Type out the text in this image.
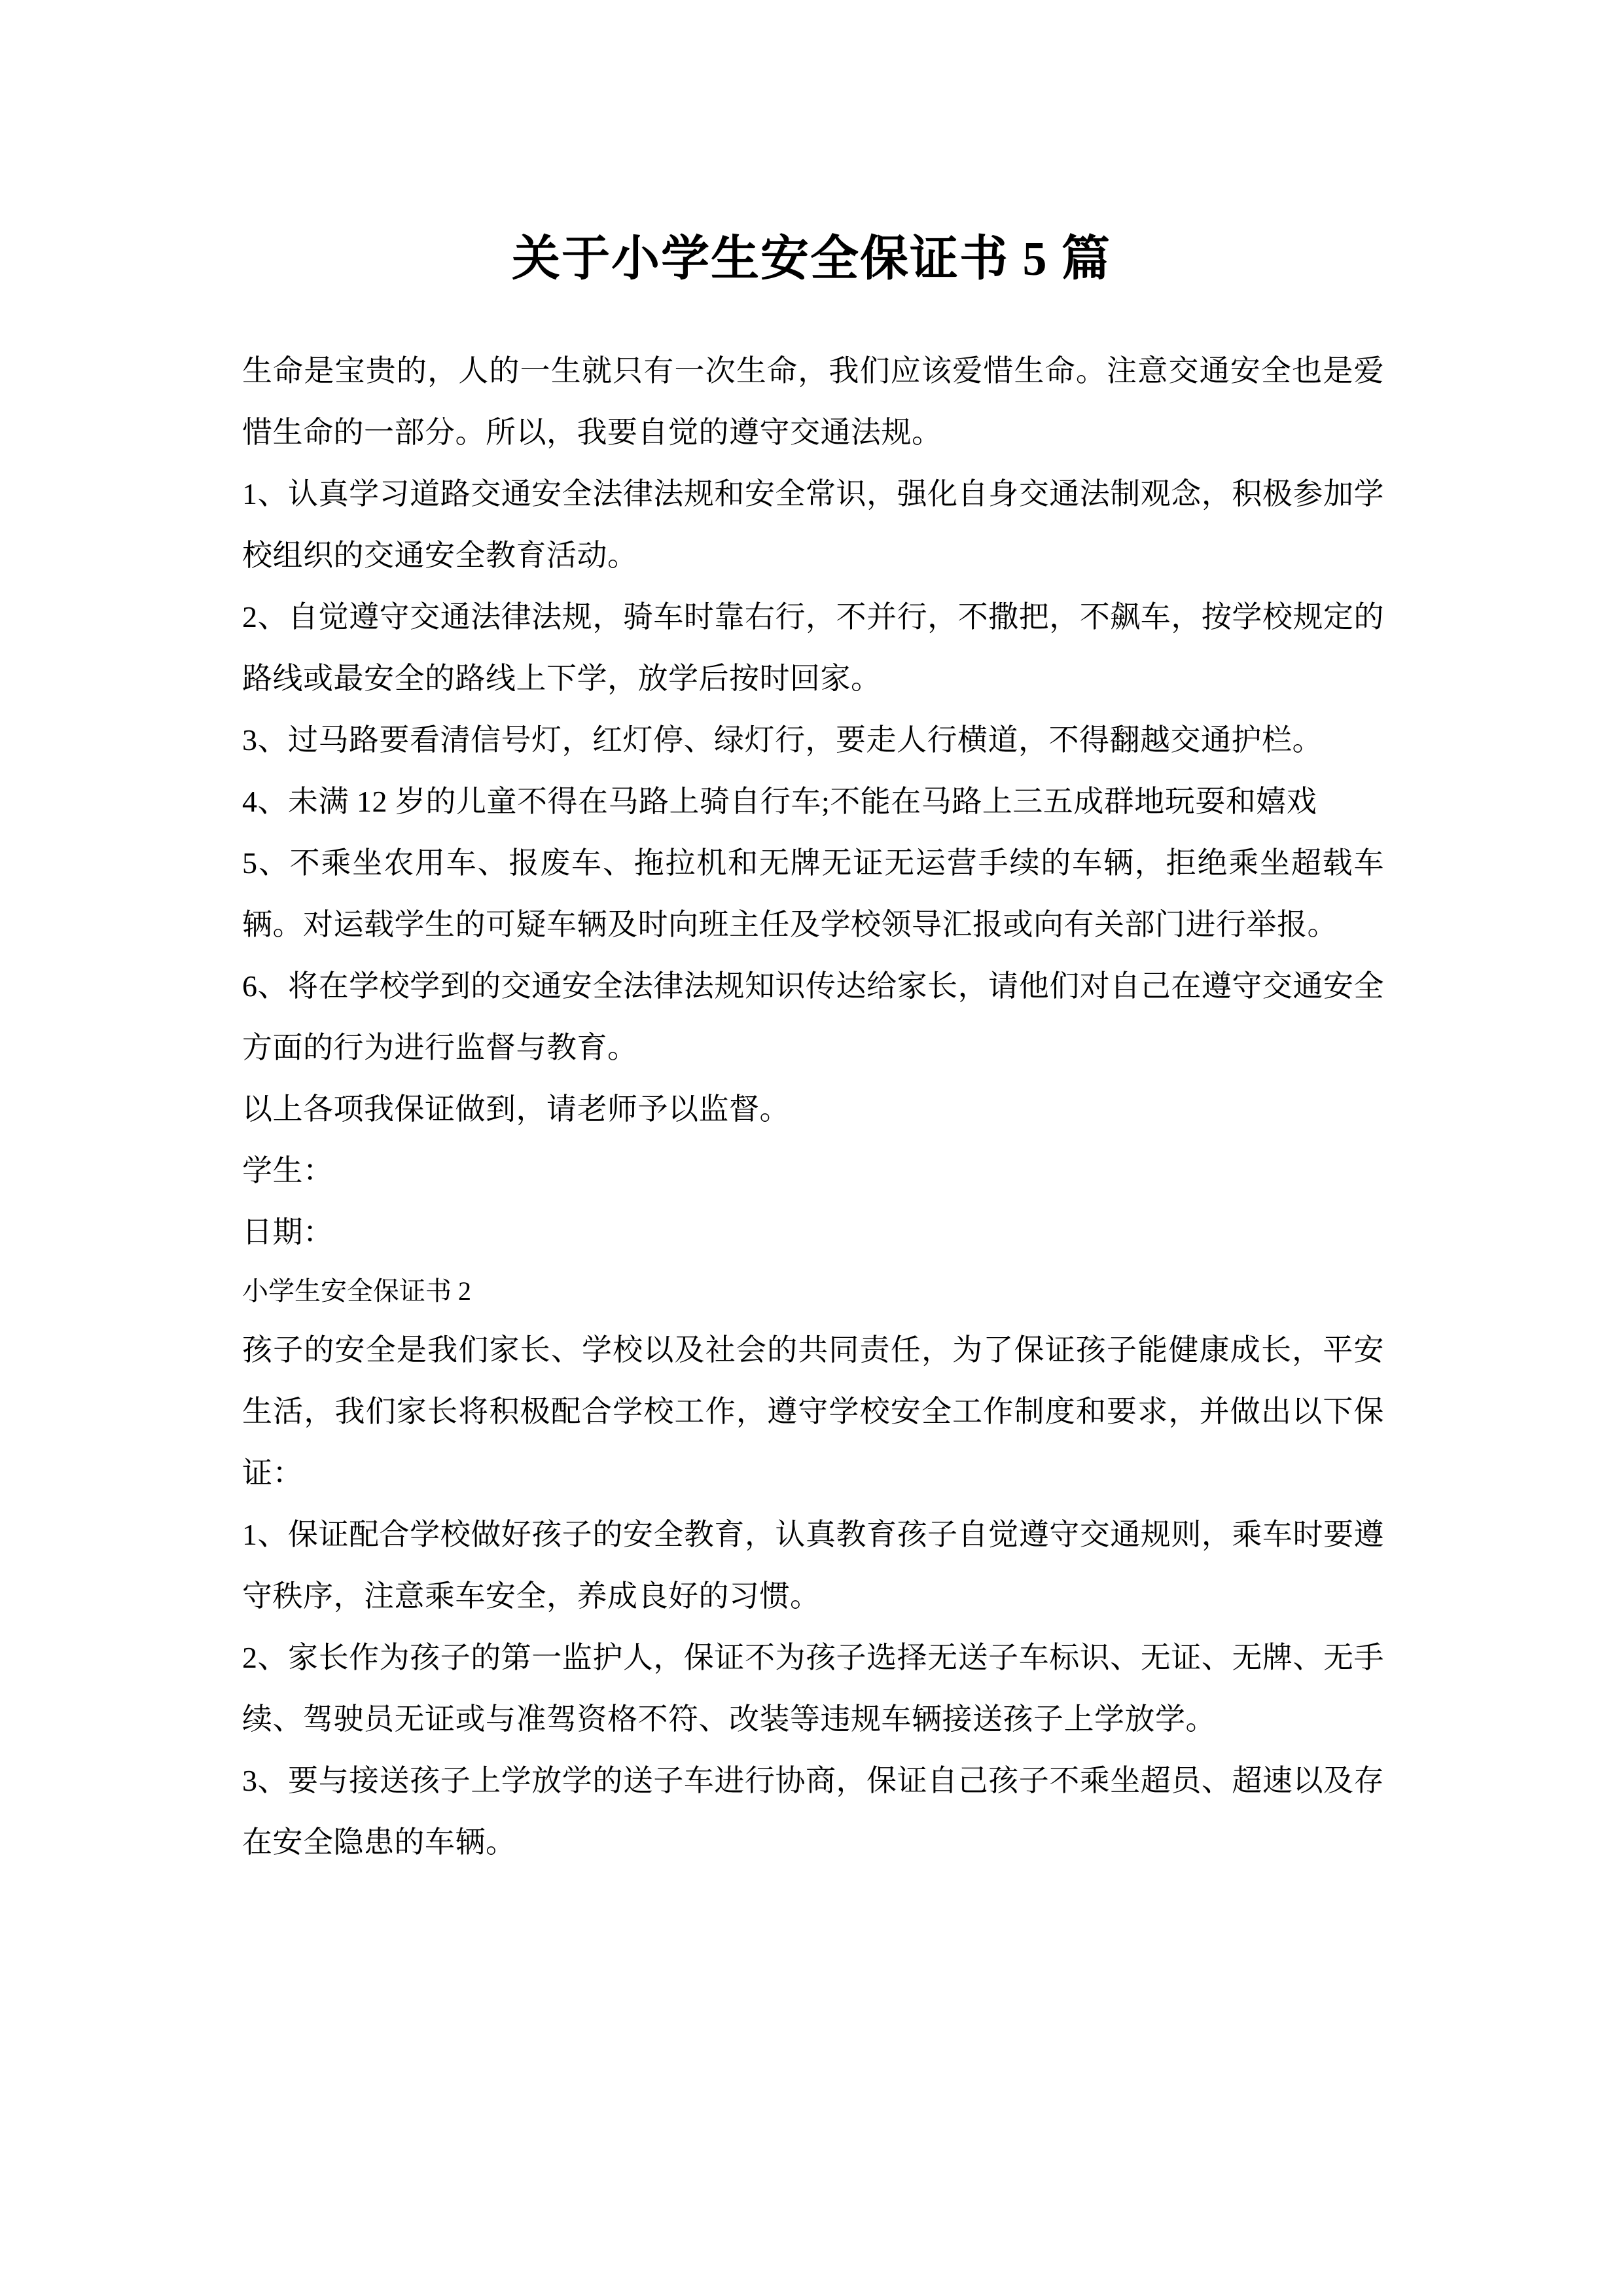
关于小学生安全保证书 5 篇

生命是宝贵的，人的一生就只有一次生命，我们应该爱惜生命。注意交通安全也是爱惜生命的一部分。所以，我要自觉的遵守交通法规。

1、认真学习道路交通安全法律法规和安全常识，强化自身交通法制观念，积极参加学校组织的交通安全教育活动。

2、自觉遵守交通法律法规，骑车时靠右行，不并行，不撒把，不飙车，按学校规定的路线或最安全的路线上下学，放学后按时回家。

3、过马路要看清信号灯，红灯停、绿灯行，要走人行横道，不得翻越交通护栏。

4、未满 12 岁的儿童不得在马路上骑自行车;不能在马路上三五成群地玩耍和嬉戏

5、不乘坐农用车、报废车、拖拉机和无牌无证无运营手续的车辆，拒绝乘坐超载车辆。对运载学生的可疑车辆及时向班主任及学校领导汇报或向有关部门进行举报。

6、将在学校学到的交通安全法律法规知识传达给家长，请他们对自己在遵守交通安全方面的行为进行监督与教育。

以上各项我保证做到，请老师予以监督。

学生：

日期：

小学生安全保证书 2

孩子的安全是我们家长、学校以及社会的共同责任，为了保证孩子能健康成长，平安生活，我们家长将积极配合学校工作，遵守学校安全工作制度和要求，并做出以下保证：

1、保证配合学校做好孩子的安全教育，认真教育孩子自觉遵守交通规则，乘车时要遵守秩序，注意乘车安全，养成良好的习惯。

2、家长作为孩子的第一监护人，保证不为孩子选择无送子车标识、无证、无牌、无手续、驾驶员无证或与准驾资格不符、改装等违规车辆接送孩子上学放学。

3、要与接送孩子上学放学的送子车进行协商，保证自己孩子不乘坐超员、超速以及存在安全隐患的车辆。
